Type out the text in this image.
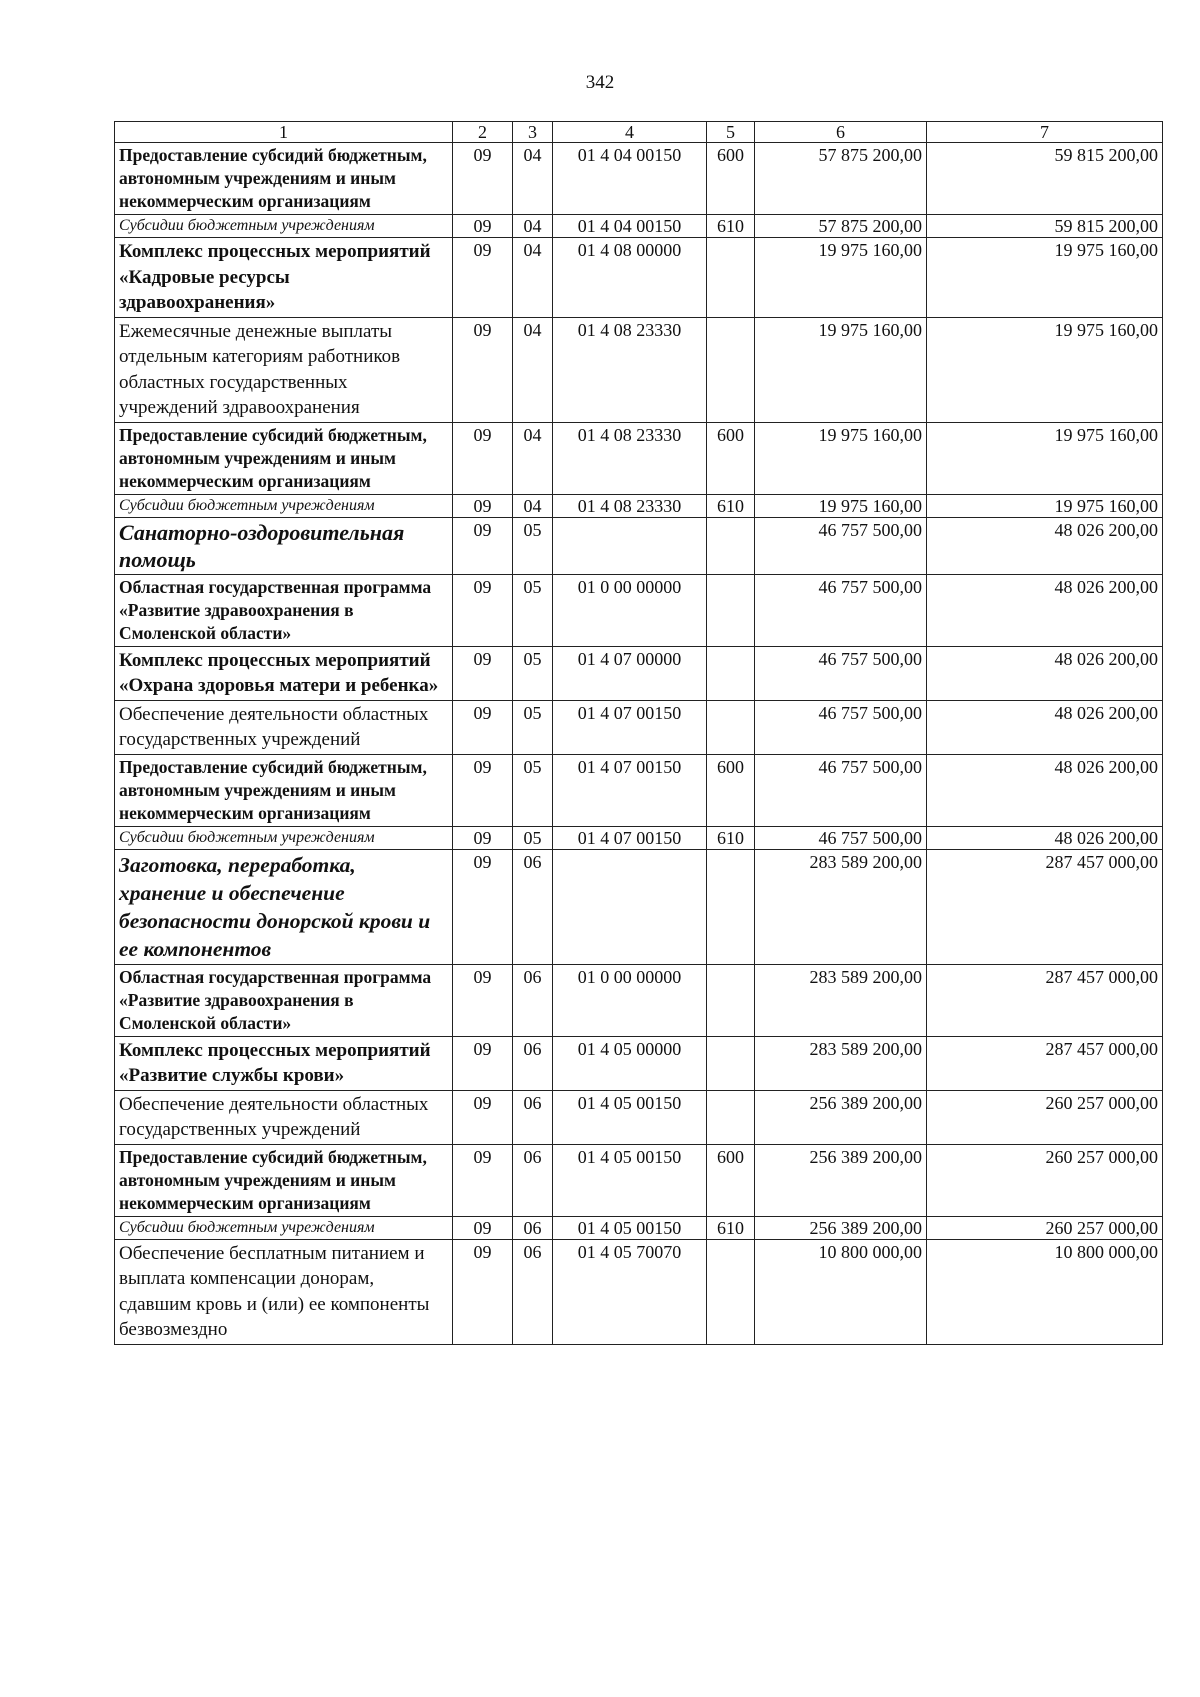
342
1	2	3	4	5	6	7
Предоставление субсидий бюджетным, автономным учреждениям и иным некоммерческим организациям	09	04	01 4 04 00150	600	57 875 200,00	59 815 200,00
Субсидии бюджетным учреждениям	09	04	01 4 04 00150	610	57 875 200,00	59 815 200,00
Комплекс процессных мероприятий «Кадровые ресурсы здравоохранения»	09	04	01 4 08 00000		19 975 160,00	19 975 160,00
Ежемесячные денежные выплаты отдельным категориям работников областных государственных учреждений здравоохранения	09	04	01 4 08 23330		19 975 160,00	19 975 160,00
Предоставление субсидий бюджетным, автономным учреждениям и иным некоммерческим организациям	09	04	01 4 08 23330	600	19 975 160,00	19 975 160,00
Субсидии бюджетным учреждениям	09	04	01 4 08 23330	610	19 975 160,00	19 975 160,00
Санаторно-оздоровительная помощь	09	05			46 757 500,00	48 026 200,00
Областная государственная программа «Развитие здравоохранения в Смоленской области»	09	05	01 0 00 00000		46 757 500,00	48 026 200,00
Комплекс процессных мероприятий «Охрана здоровья матери и ребенка»	09	05	01 4 07 00000		46 757 500,00	48 026 200,00
Обеспечение деятельности областных государственных учреждений	09	05	01 4 07 00150		46 757 500,00	48 026 200,00
Предоставление субсидий бюджетным, автономным учреждениям и иным некоммерческим организациям	09	05	01 4 07 00150	600	46 757 500,00	48 026 200,00
Субсидии бюджетным учреждениям	09	05	01 4 07 00150	610	46 757 500,00	48 026 200,00
Заготовка, переработка, хранение и обеспечение безопасности донорской крови и ее компонентов	09	06			283 589 200,00	287 457 000,00
Областная государственная программа «Развитие здравоохранения в Смоленской области»	09	06	01 0 00 00000		283 589 200,00	287 457 000,00
Комплекс процессных мероприятий «Развитие службы крови»	09	06	01 4 05 00000		283 589 200,00	287 457 000,00
Обеспечение деятельности областных государственных учреждений	09	06	01 4 05 00150		256 389 200,00	260 257 000,00
Предоставление субсидий бюджетным, автономным учреждениям и иным некоммерческим организациям	09	06	01 4 05 00150	600	256 389 200,00	260 257 000,00
Субсидии бюджетным учреждениям	09	06	01 4 05 00150	610	256 389 200,00	260 257 000,00
Обеспечение бесплатным питанием и выплата компенсации донорам, сдавшим кровь и (или) ее компоненты безвозмездно	09	06	01 4 05 70070		10 800 000,00	10 800 000,00
